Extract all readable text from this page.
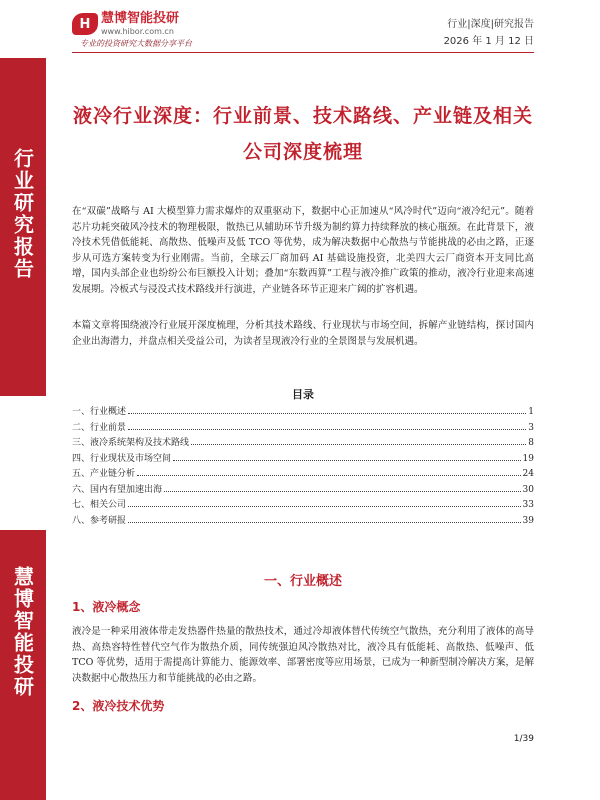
行业研究报告
慧博智能投研
H 慧博智能投研
www.hibor.com.cn
专业的投资研究大数据分享平台
行业|深度|研究报告
2026 年 1 月 12 日
液冷行业深度：行业前景、技术路线、产业链及相关公司深度梳理
在“双碳”战略与 AI 大模型算力需求爆炸的双重驱动下，数据中心正加速从“风冷时代”迈向“液冷纪元”。随着芯片功耗突破风冷技术的物理极限，散热已从辅助环节升级为制约算力持续释放的核心瓶颈。在此背景下，液冷技术凭借低能耗、高散热、低噪声及低 TCO 等优势，成为解决数据中心散热与节能挑战的必由之路，正逐步从可选方案转变为行业刚需。当前，全球云厂商加码 AI 基础设施投资，北美四大云厂商资本开支同比高增，国内头部企业也纷纷公布巨额投入计划；叠加“东数西算”工程与液冷推广政策的推动，液冷行业迎来高速发展期。冷板式与浸没式技术路线并行演进，产业链各环节正迎来广阔的扩容机遇。
本篇文章将围绕液冷行业展开深度梳理，分析其技术路线、行业现状与市场空间，拆解产业链结构，探讨国内企业出海潜力，并盘点相关受益公司，为读者呈现液冷行业的全景图景与发展机遇。
目录
一、行业概述	1
二、行业前景	3
三、液冷系统架构及技术路线	8
四、行业现状及市场空间	19
五、产业链分析	24
六、国内有望加速出海	30
七、相关公司	33
八、参考研报	39
一、行业概述
1、液冷概念
液冷是一种采用液体带走发热器件热量的散热技术，通过冷却液体替代传统空气散热，充分利用了液体的高导热、高热容特性替代空气作为散热介质，同传统强迫风冷散热对比，液冷具有低能耗、高散热、低噪声、低 TCO 等优势，适用于需提高计算能力、能源效率、部署密度等应用场景，已成为一种新型制冷解决方案，是解决数据中心散热压力和节能挑战的必由之路。
2、液冷技术优势
1/39
